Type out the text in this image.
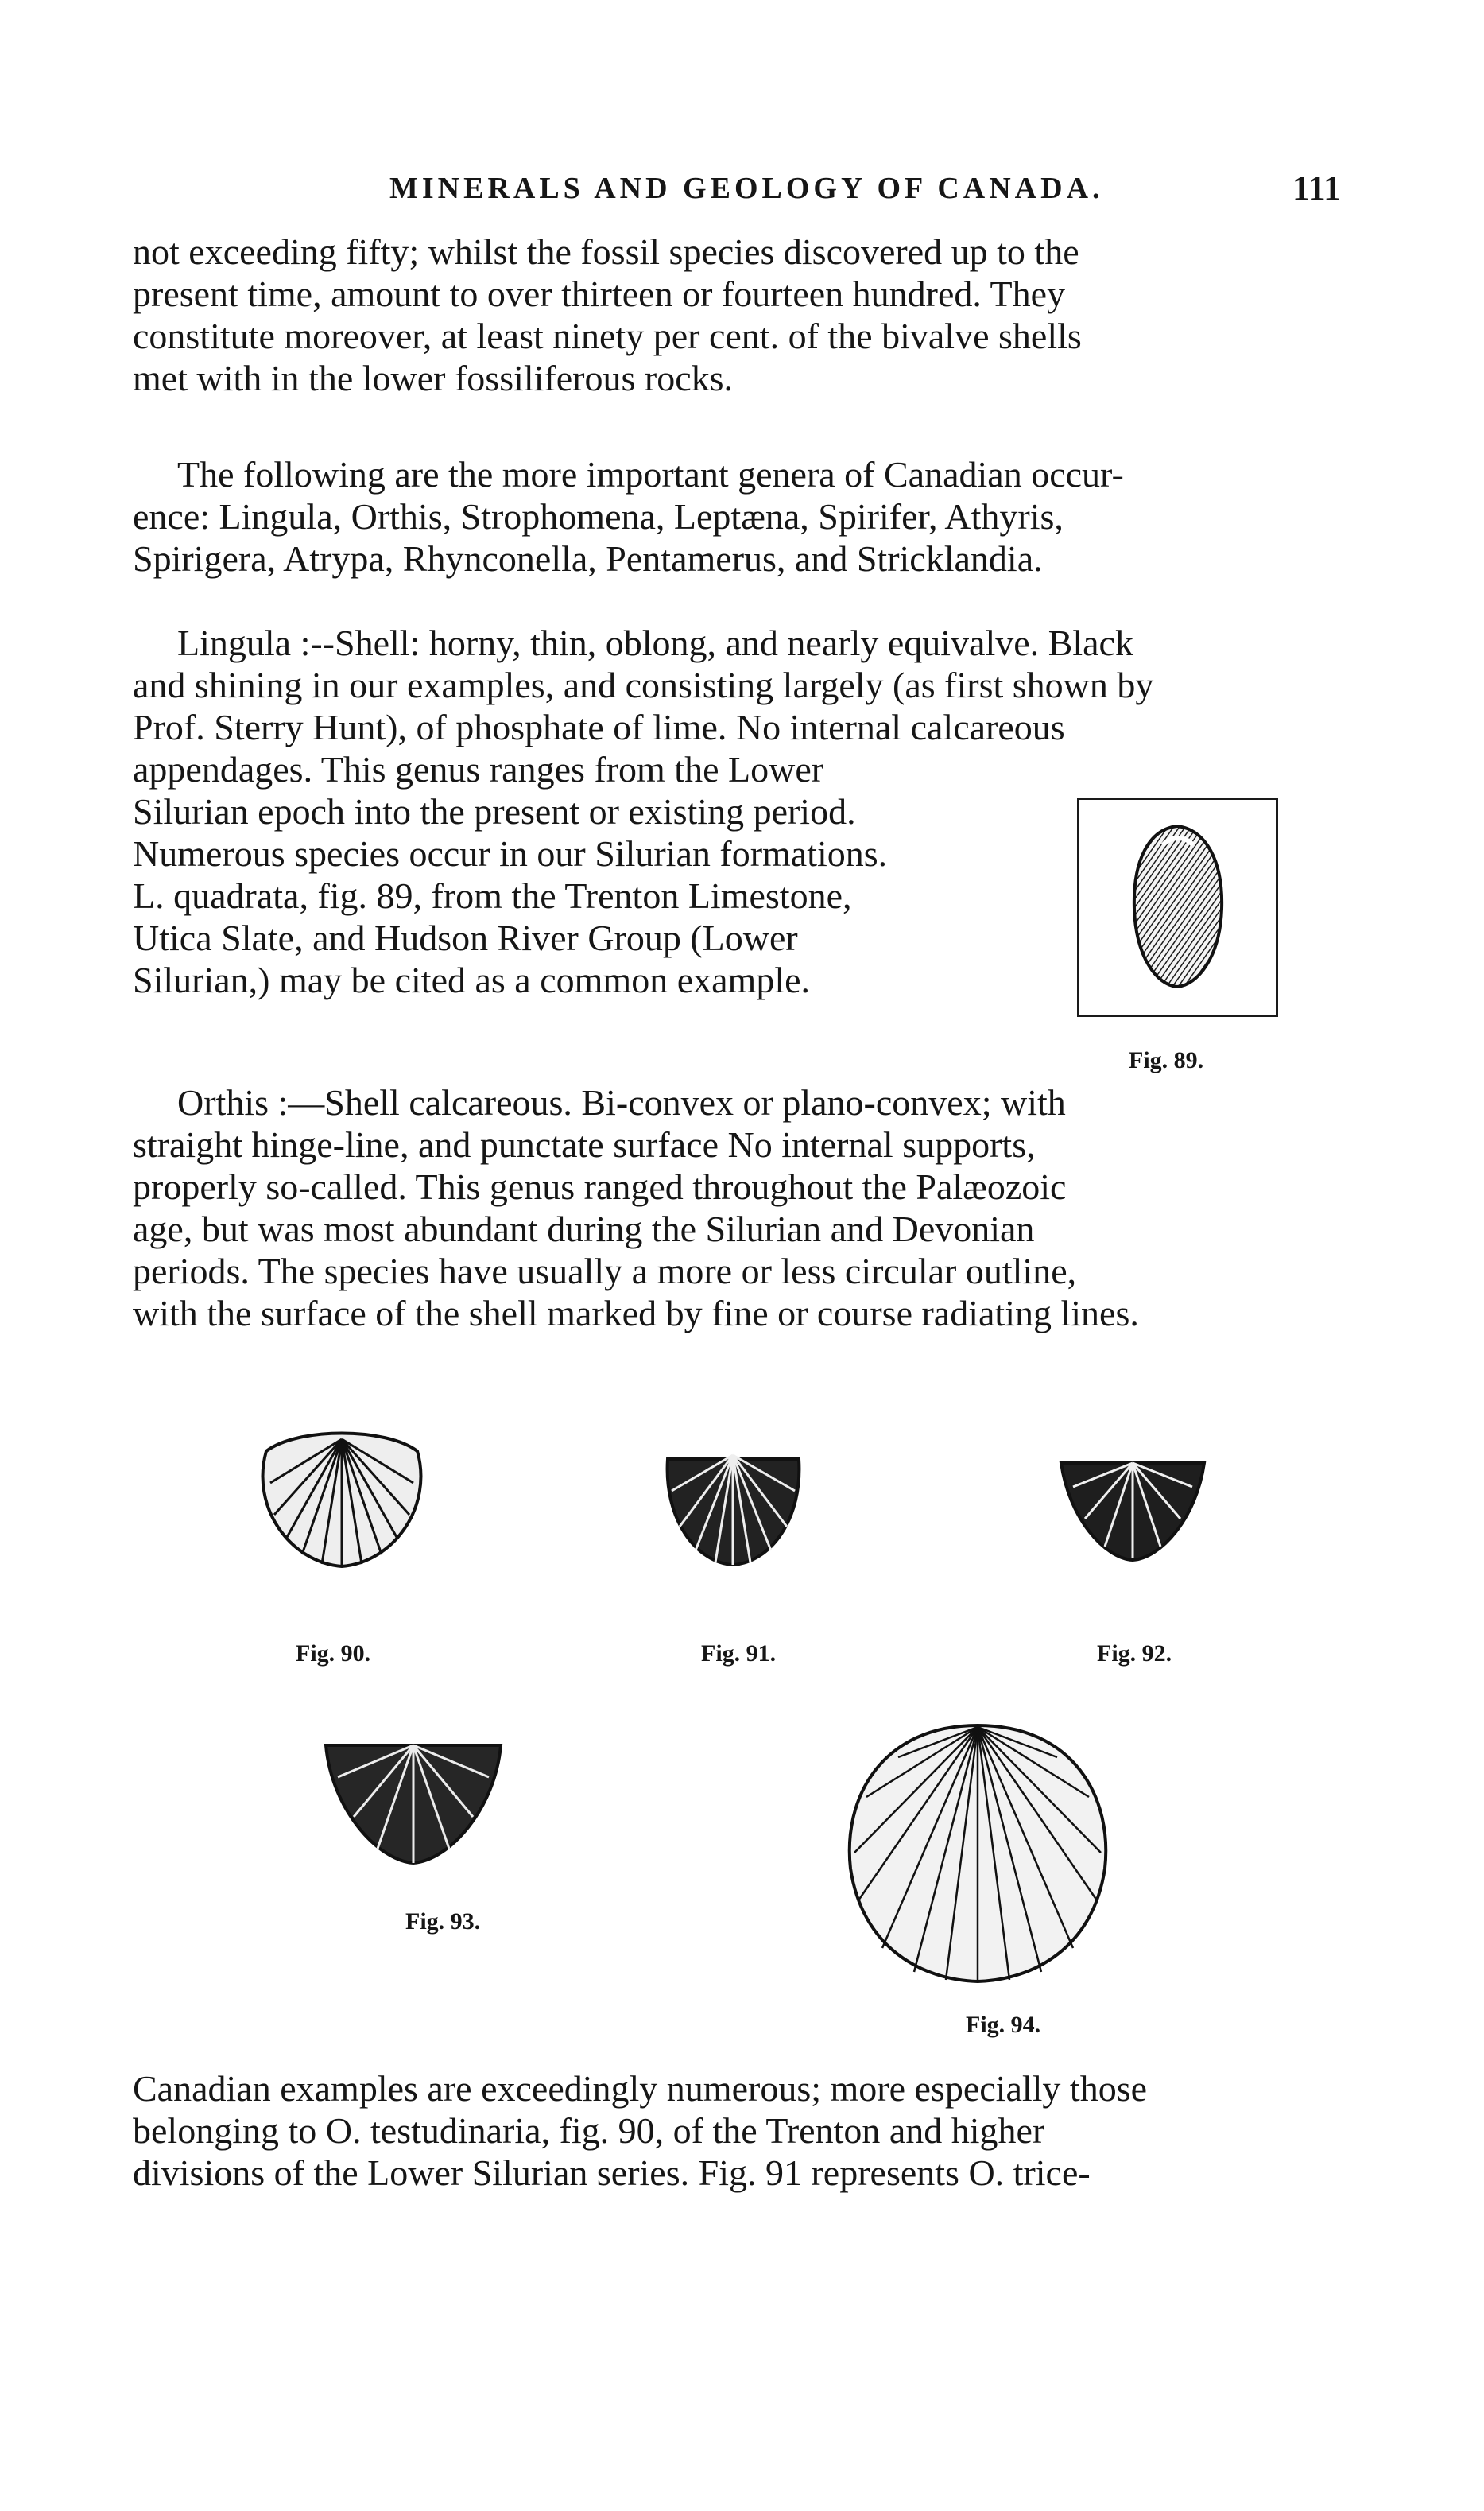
MINERALS AND GEOLOGY OF CANADA.	111
not exceeding fifty; whilst the fossil species discovered up to the
present time, amount to over thirteen or fourteen hundred. They
constitute moreover, at least ninety per cent. of the bivalve shells
met with in the lower fossiliferous rocks.
The following are the more important genera of Canadian occur-
ence: Lingula, Orthis, Strophomena, Leptæna, Spirifer, Athyris,
Spirigera, Atrypa, Rhynconella, Pentamerus, and Stricklandia.
Lingula :--Shell: horny, thin, oblong, and nearly equivalve. Black
and shining in our examples, and consisting largely (as first shown by
Prof. Sterry Hunt), of phosphate of lime. No internal calcareous
appendages. This genus ranges from the Lower
Silurian epoch into the present or existing period.
Numerous species occur in our Silurian formations.
L. quadrata, fig. 89, from the Trenton Limestone,
Utica Slate, and Hudson River Group (Lower
Silurian,) may be cited as a common example.
Fig. 89.
Orthis :—Shell calcareous. Bi-convex or plano-convex; with
straight hinge-line, and punctate surface No internal supports,
properly so-called. This genus ranged throughout the Palæozoic
age, but was most abundant during the Silurian and Devonian
periods. The species have usually a more or less circular outline,
with the surface of the shell marked by fine or course radiating lines.
Fig. 90.	Fig. 91.	Fig. 92.
Fig. 93.
Fig. 94.
Canadian examples are exceedingly numerous; more especially those
belonging to O. testudinaria, fig. 90, of the Trenton and higher
divisions of the Lower Silurian series. Fig. 91 represents O. trice-
